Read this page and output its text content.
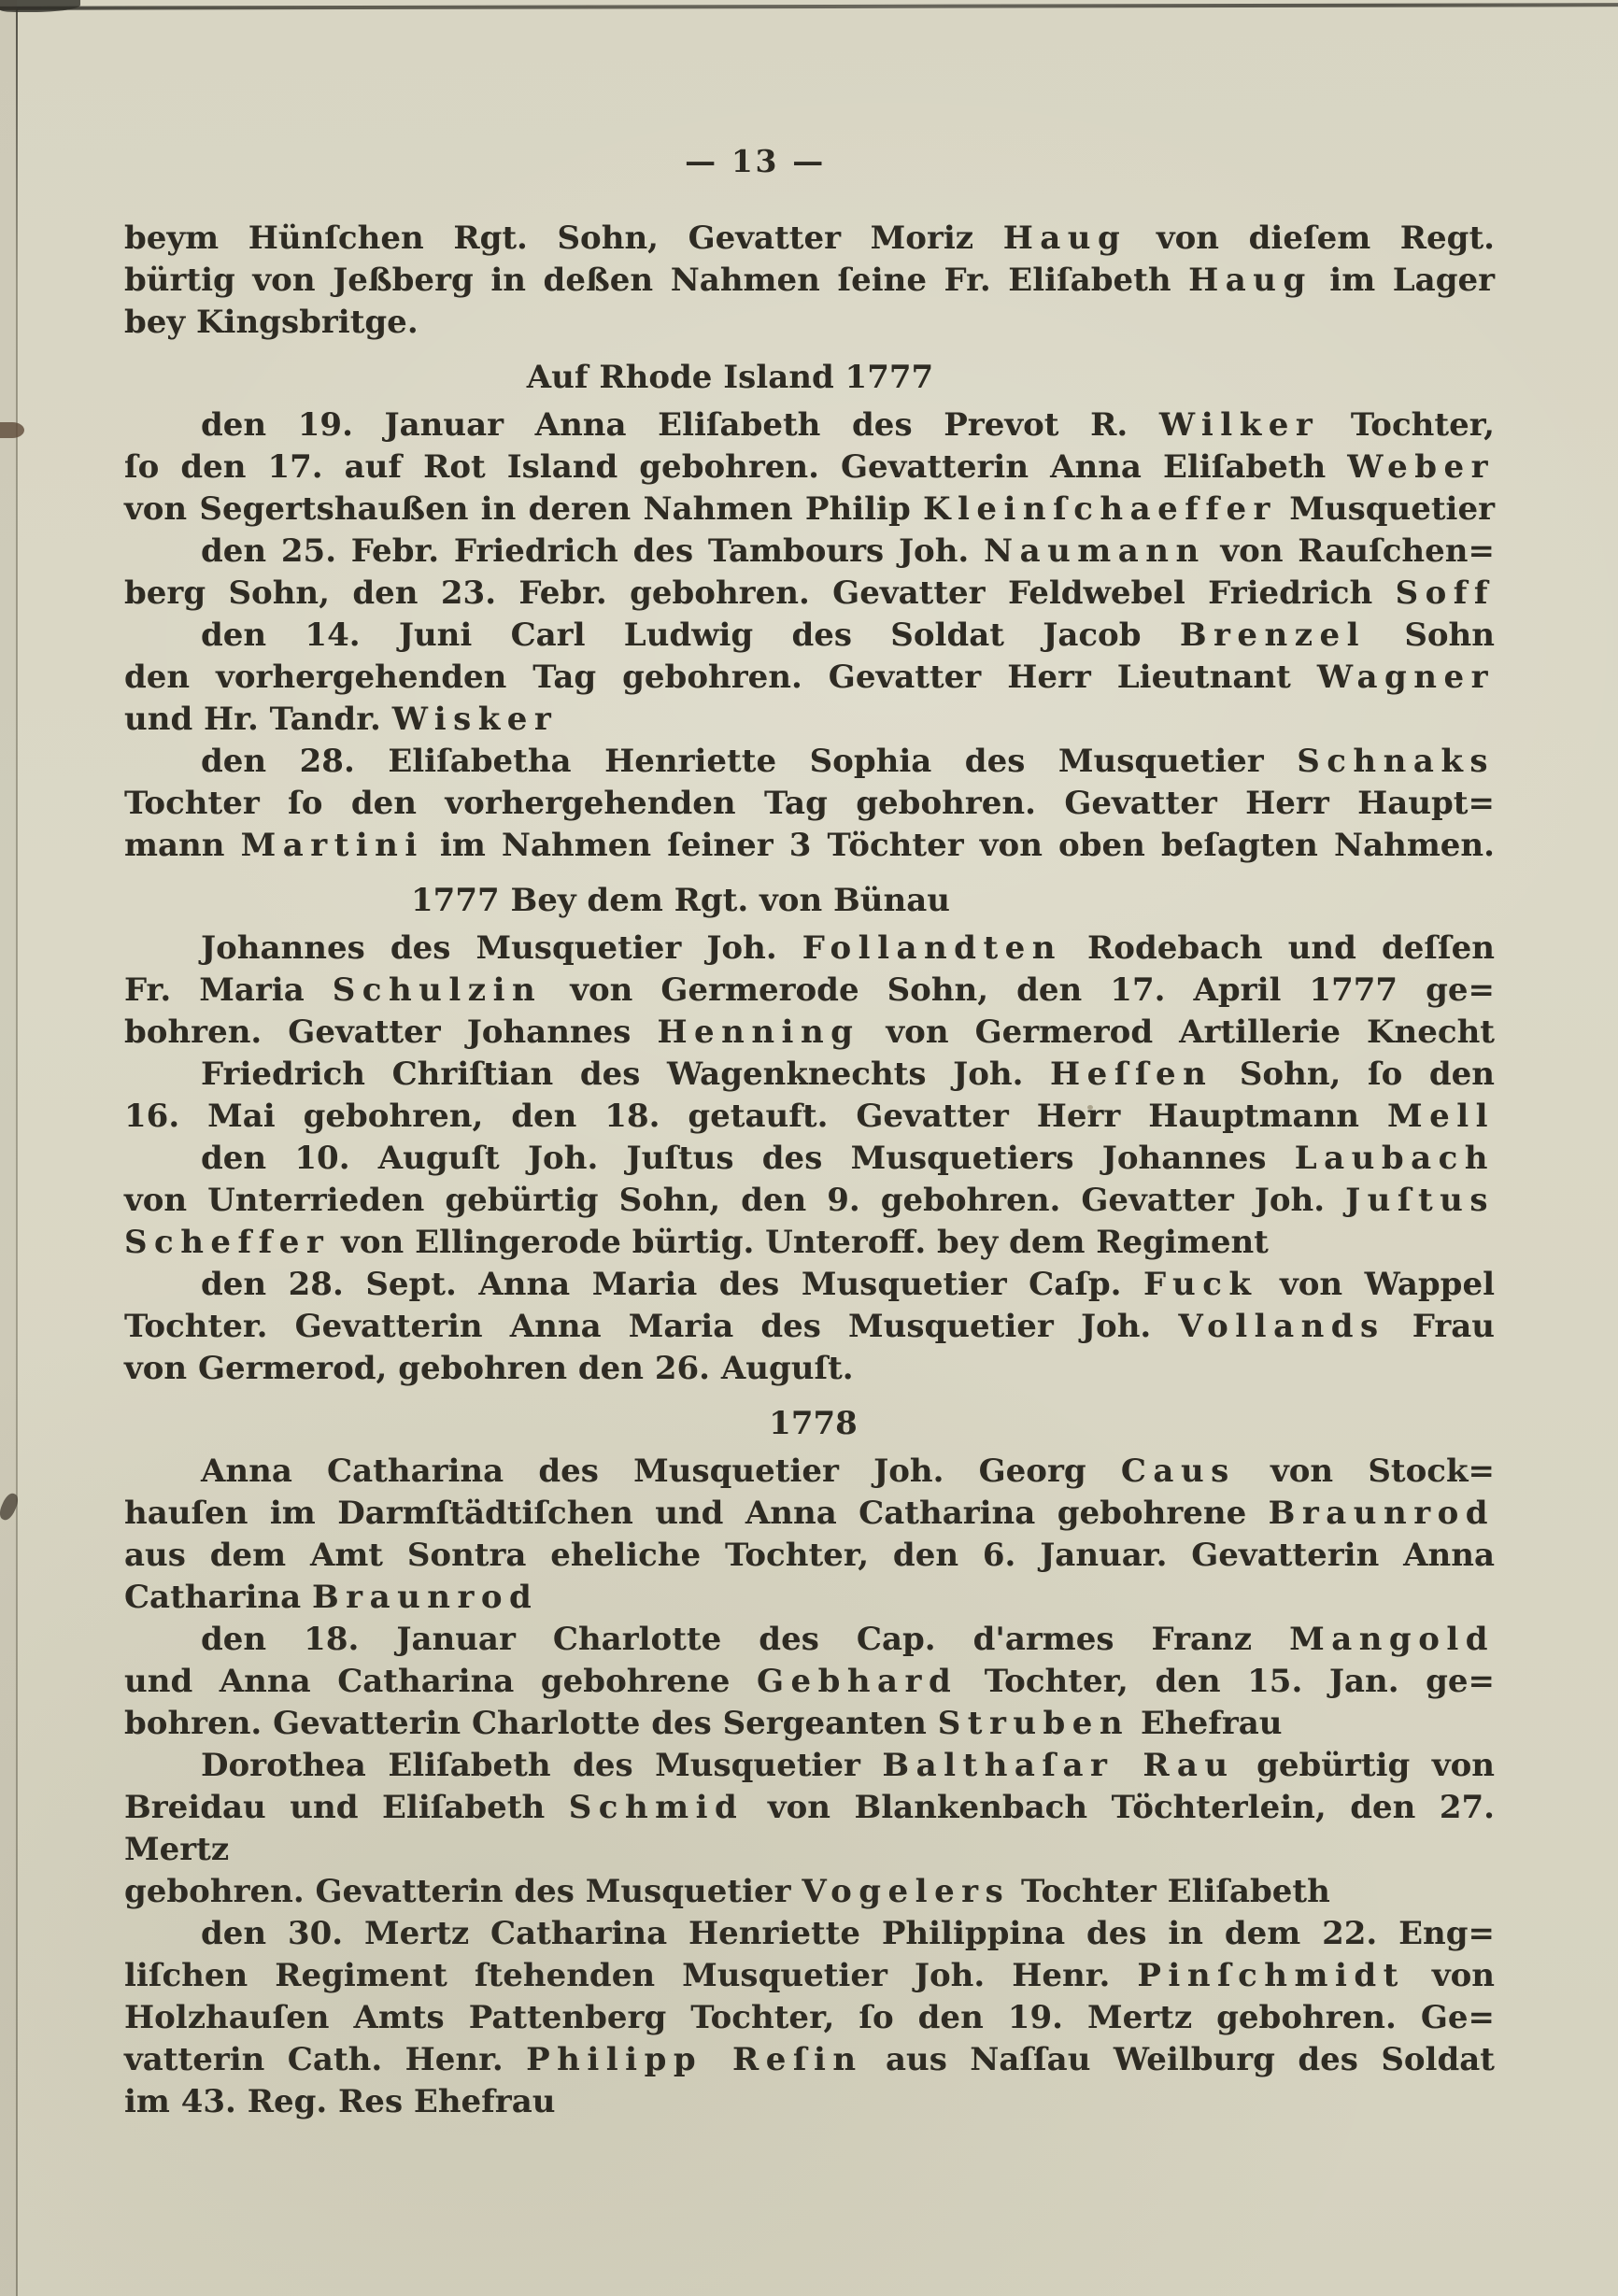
— 13 —
beym Hünſchen Rgt. Sohn, Gevatter Moriz Haug von dieſem Regt.
bürtig von Jeßberg in deßen Nahmen ſeine Fr. Eliſabeth Haug im Lager
bey Kingsbritge.
Auf Rhode Island 1777
den 19. Januar Anna Eliſabeth des Prevot R. Wilker Tochter,
ſo den 17. auf Rot Island gebohren. Gevatterin Anna Eliſabeth Weber
von Segertshaußen in deren Nahmen Philip Kleinſchaeffer Musquetier
den 25. Febr. Friedrich des Tambours Joh. Naumann von Rauſchen=
berg Sohn, den 23. Febr. gebohren. Gevatter Feldwebel Friedrich Soff
den 14. Juni Carl Ludwig des Soldat Jacob Brenzel Sohn
den vorhergehenden Tag gebohren. Gevatter Herr Lieutnant Wagner
und Hr. Tandr. Wisker
den 28. Eliſabetha Henriette Sophia des Musquetier Schnaks
Tochter ſo den vorhergehenden Tag gebohren. Gevatter Herr Haupt=
mann Martini im Nahmen ſeiner 3 Töchter von oben beſagten Nahmen.
1777 Bey dem Rgt. von Bünau
Johannes des Musquetier Joh. Follandten Rodebach und deſſen
Fr. Maria Schulzin von Germerode Sohn, den 17. April 1777 ge=
bohren. Gevatter Johannes Henning von Germerod Artillerie Knecht
Friedrich Chriſtian des Wagenknechts Joh. Heſſen Sohn, ſo den
16. Mai gebohren, den 18. getauft. Gevatter Herr Hauptmann Mell
den 10. Auguſt Joh. Juſtus des Musquetiers Johannes Laubach
von Unterrieden gebürtig Sohn, den 9. gebohren. Gevatter Joh. Juſtus
Scheffer von Ellingerode bürtig. Unteroff. bey dem Regiment
den 28. Sept. Anna Maria des Musquetier Caſp. Fuck von Wappel
Tochter. Gevatterin Anna Maria des Musquetier Joh. Vollands Frau
von Germerod, gebohren den 26. Auguſt.
1778
Anna Catharina des Musquetier Joh. Georg Caus von Stock=
hauſen im Darmſtädtiſchen und Anna Catharina gebohrene Braunrod
aus dem Amt Sontra eheliche Tochter, den 6. Januar. Gevatterin Anna
Catharina Braunrod
den 18. Januar Charlotte des Cap. d'armes Franz Mangold
und Anna Catharina gebohrene Gebhard Tochter, den 15. Jan. ge=
bohren. Gevatterin Charlotte des Sergeanten Struben Ehefrau
Dorothea Eliſabeth des Musquetier Balthaſar Rau gebürtig von
Breidau und Eliſabeth Schmid von Blankenbach Töchterlein, den 27. Mertz
gebohren. Gevatterin des Musquetier Vogelers Tochter Eliſabeth
den 30. Mertz Catharina Henriette Philippina des in dem 22. Eng=
liſchen Regiment ſtehenden Musquetier Joh. Henr. Pinſchmidt von
Holzhauſen Amts Pattenberg Tochter, ſo den 19. Mertz gebohren. Ge=
vatterin Cath. Henr. Philipp Reſin aus Naſſau Weilburg des Soldat
im 43. Reg. Res Ehefrau
